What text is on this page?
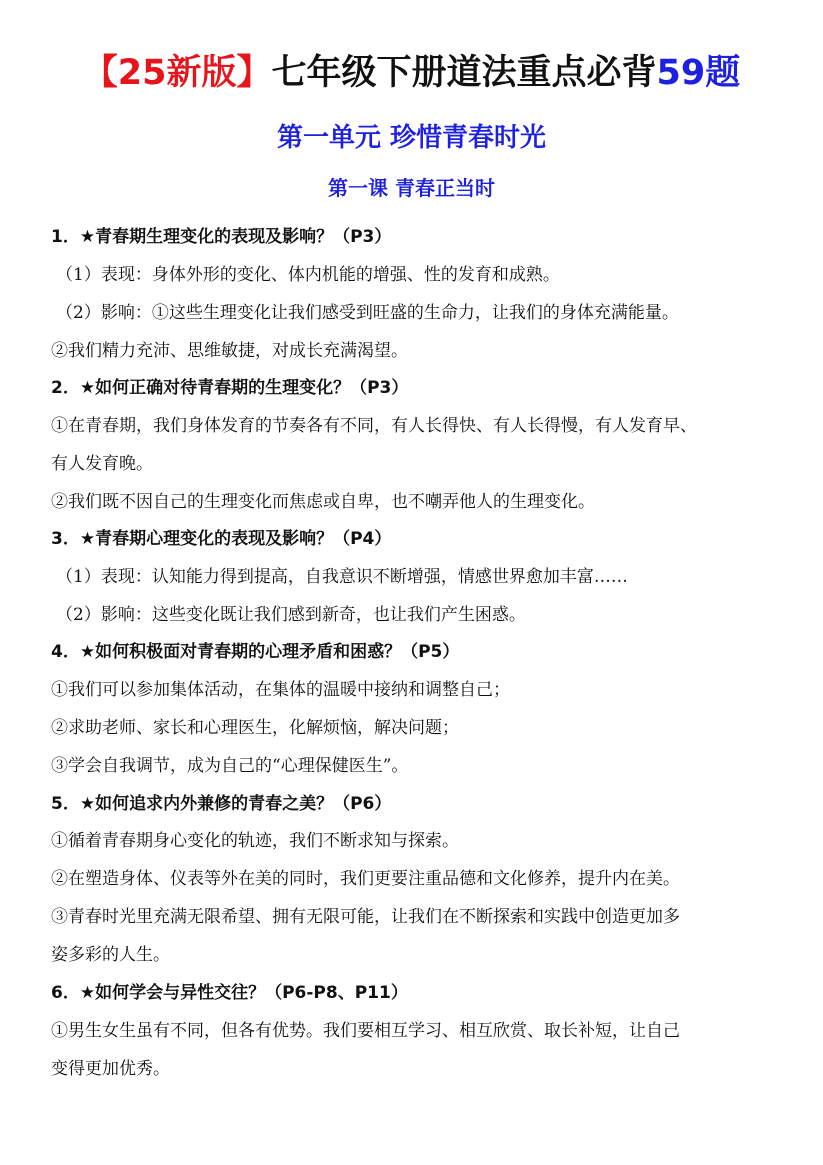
【25新版】七年级下册道法重点必背59题
第一单元 珍惜青春时光
第一课 青春正当时
1．★青春期生理变化的表现及影响？（P3）
（1）表现：身体外形的变化、体内机能的增强、性的发育和成熟。
（2）影响：①这些生理变化让我们感受到旺盛的生命力，让我们的身体充满能量。
②我们精力充沛、思维敏捷，对成长充满渴望。
2．★如何正确对待青春期的生理变化？（P3）
①在青春期，我们身体发育的节奏各有不同，有人长得快、有人长得慢，有人发育早、
有人发育晚。
②我们既不因自己的生理变化而焦虑或自卑，也不嘲弄他人的生理变化。
3．★青春期心理变化的表现及影响？（P4）
（1）表现：认知能力得到提高，自我意识不断增强，情感世界愈加丰富……
（2）影响：这些变化既让我们感到新奇，也让我们产生困惑。
4．★如何积极面对青春期的心理矛盾和困惑？（P5）
①我们可以参加集体活动，在集体的温暖中接纳和调整自己；
②求助老师、家长和心理医生，化解烦恼，解决问题；
③学会自我调节，成为自己的“心理保健医生”。
5．★如何追求内外兼修的青春之美？（P6）
①循着青春期身心变化的轨迹，我们不断求知与探索。
②在塑造身体、仪表等外在美的同时，我们更要注重品德和文化修养，提升内在美。
③青春时光里充满无限希望、拥有无限可能，让我们在不断探索和实践中创造更加多
姿多彩的人生。
6．★如何学会与异性交往？（P6-P8、P11）
①男生女生虽有不同，但各有优势。我们要相互学习、相互欣赏、取长补短，让自己
变得更加优秀。
